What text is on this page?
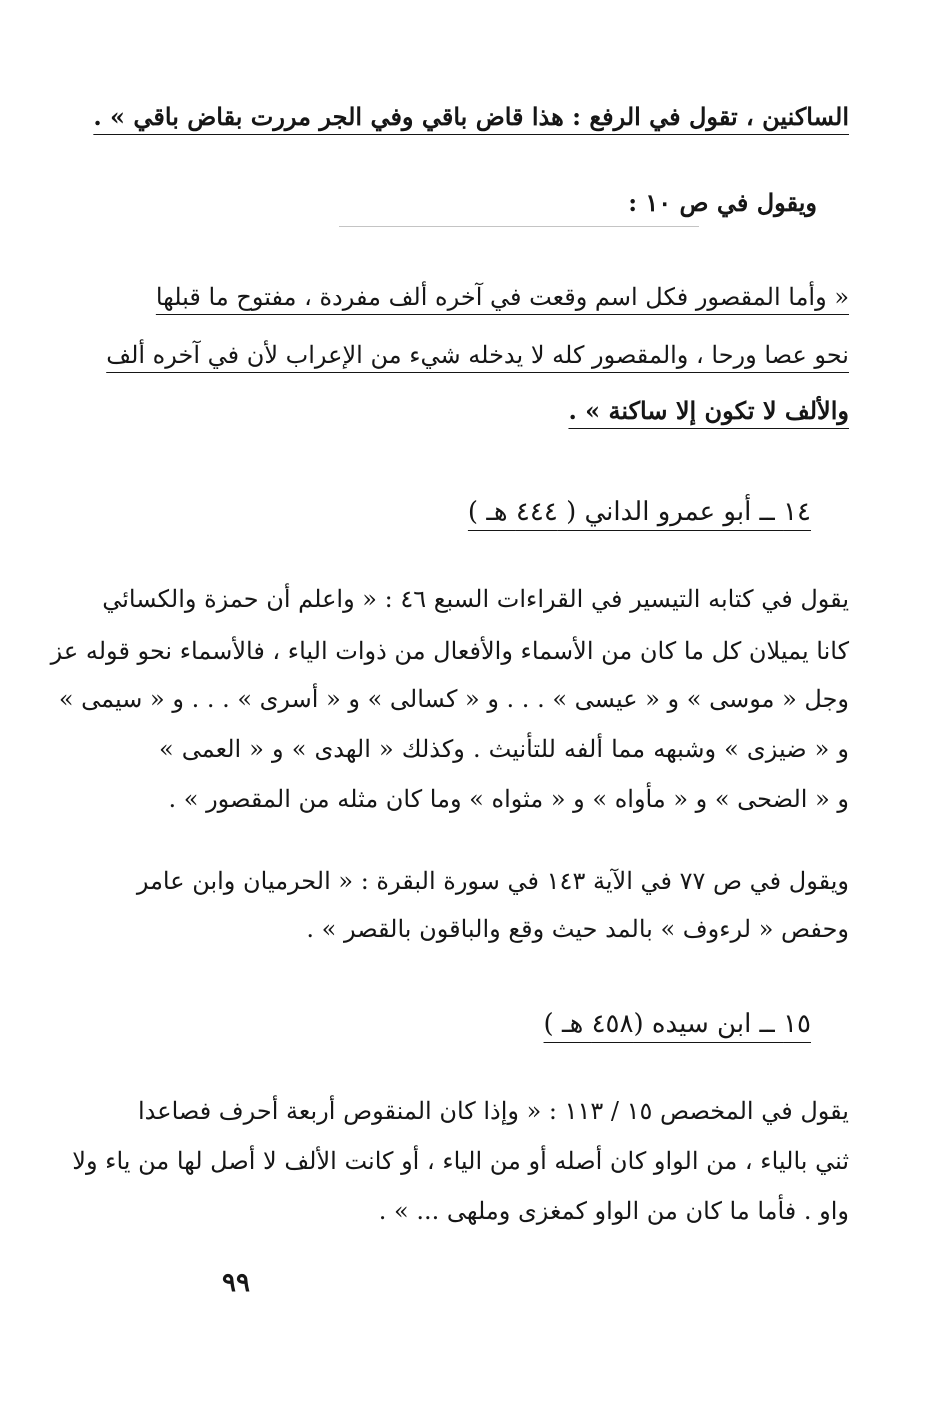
الساكنين ، تقول في الرفع : هذا قاض باقي وفي الجر مررت بقاض باقي » .
ويقول في ص ١٠ :
« وأما المقصور فكل اسم وقعت في آخره ألف مفردة ، مفتوح ما قبلها
نحو عصا ورحا ، والمقصور كله لا يدخله شيء من الإعراب لأن في آخره ألف
والألف لا تكون إلا ساكنة » .
١٤ ــ أبو عمرو الداني ( ٤٤٤ هـ )
يقول في كتابه التيسير في القراءات السبع ٤٦ : « واعلم أن حمزة والكسائي
كانا يميلان كل ما كان من الأسماء والأفعال من ذوات الياء ، فالأسماء نحو قوله عز
وجل « موسى » و « عيسى » . . . و « كسالى » و « أسرى » . . . و « سيمى »
و « ضيزى » وشبهه مما ألفه للتأنيث . وكذلك « الهدى » و « العمى »
و « الضحى » و « مأواه » و « مثواه » وما كان مثله من المقصور » .
ويقول في ص ٧٧ في الآية ١٤٣ في سورة البقرة : « الحرميان وابن عامر
وحفص « لرءوف » بالمد حيث وقع والباقون بالقصر » .
١٥ ــ ابن سيده (٤٥٨ هـ )
يقول في المخصص ١٥ / ١١٣ : « وإذا كان المنقوص أربعة أحرف فصاعدا
ثني بالياء ، من الواو كان أصله أو من الياء ، أو كانت الألف لا أصل لها من ياء ولا
واو . فأما ما كان من الواو كمغزى وملهى ... » .
٩٩
